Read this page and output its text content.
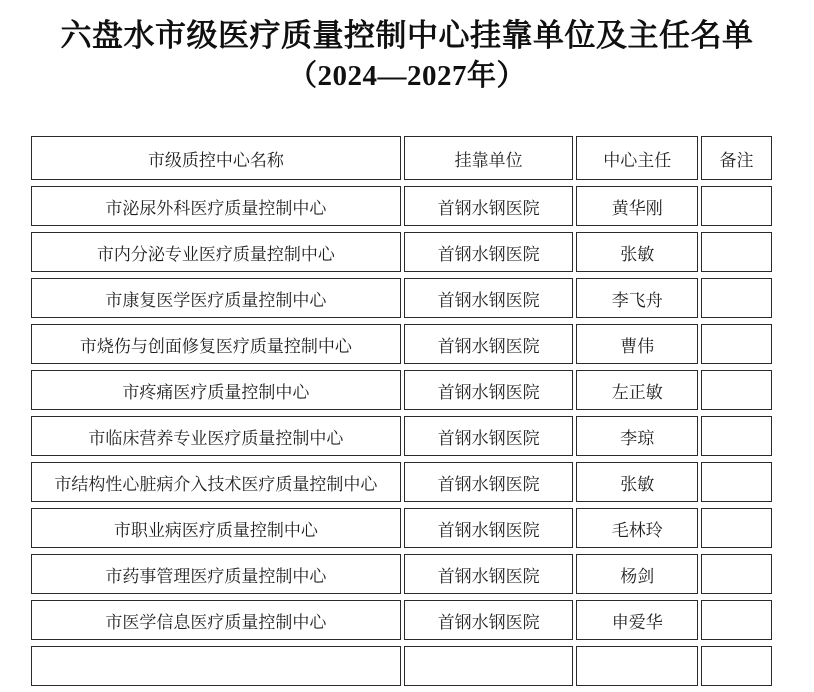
六盘水市级医疗质量控制中心挂靠单位及主任名单
（2024—2027年）
市级质控中心名称	挂靠单位	中心主任	备注
市泌尿外科医疗质量控制中心	首钢水钢医院	黄华刚	
市内分泌专业医疗质量控制中心	首钢水钢医院	张敏	
市康复医学医疗质量控制中心	首钢水钢医院	李飞舟	
市烧伤与创面修复医疗质量控制中心	首钢水钢医院	曹伟	
市疼痛医疗质量控制中心	首钢水钢医院	左正敏	
市临床营养专业医疗质量控制中心	首钢水钢医院	李琼	
市结构性心脏病介入技术医疗质量控制中心	首钢水钢医院	张敏	
市职业病医疗质量控制中心	首钢水钢医院	毛林玲	
市药事管理医疗质量控制中心	首钢水钢医院	杨剑	
市医学信息医疗质量控制中心	首钢水钢医院	申爱华	
